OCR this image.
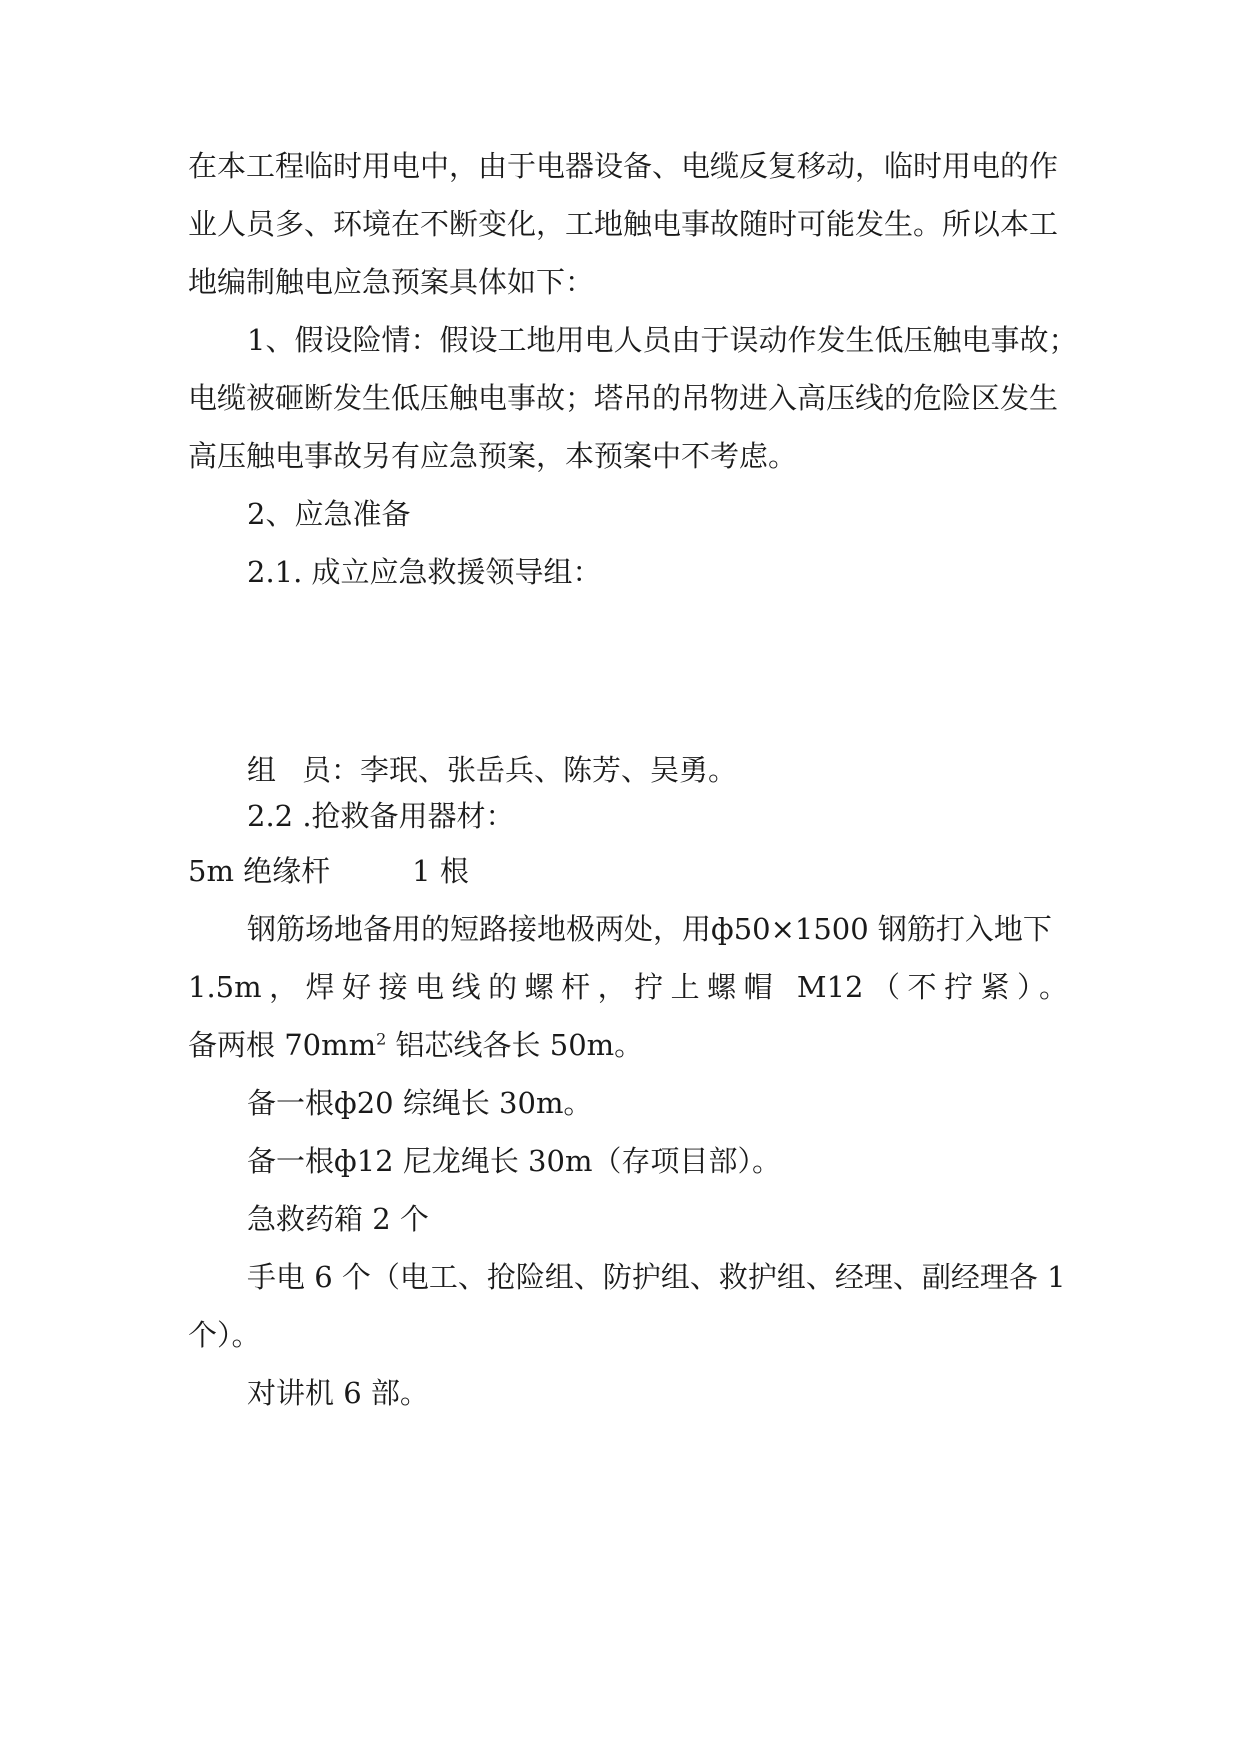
在本工程临时用电中，由于电器设备、电缆反复移动，临时用电的作
业人员多、环境在不断变化，工地触电事故随时可能发生。所以本工
地编制触电应急预案具体如下：
1、假设险情：假设工地用电人员由于误动作发生低压触电事故；
电缆被砸断发生低压触电事故；塔吊的吊物进入高压线的危险区发生
高压触电事故另有应急预案，本预案中不考虑。
2、应急准备
2.1. 成立应急救援领导组：
组 员：李珉、张岳兵、陈芳、吴勇。
2.2 .抢救备用器材：
5m 绝缘杆	1 根
钢筋场地备用的短路接地极两处，用ф50×1500 钢筋打入地下
1.5m，焊好接电线的螺杆，拧上螺帽 M12（不拧紧）。
备两根 $70mm^2$ 铝芯线各长 50m。
备一根ф20 综绳长 30m。
备一根ф12 尼龙绳长 30m（存项目部）。
急救药箱 2 个
手电 6 个（电工、抢险组、防护组、救护组、经理、副经理各 1
个）。
对讲机 6 部。
